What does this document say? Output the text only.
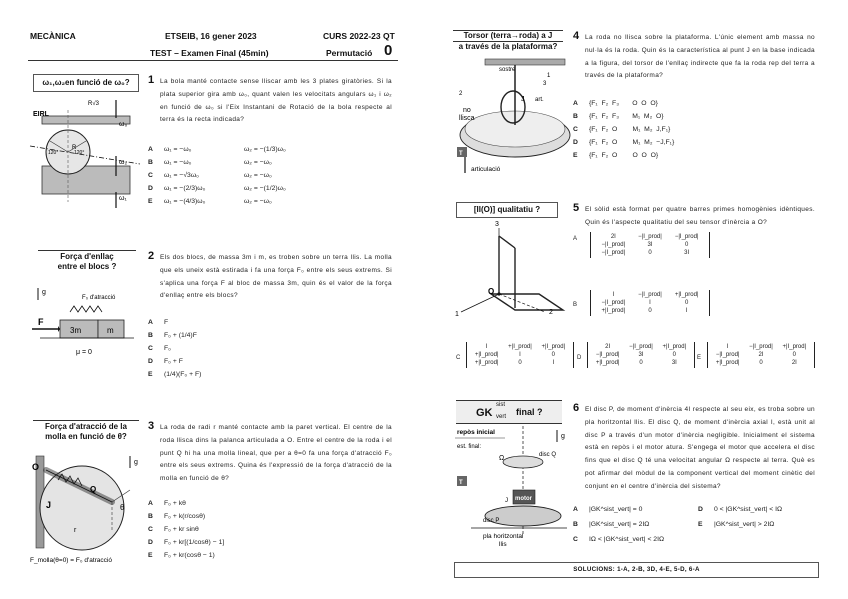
MECÀNICA	ETSEIB, 16 gener 2023	CURS 2022-23 QT
TEST – Examen Final (45min)	Permutació 0
ω₁,ω₂en funció de ω₀?	1 La bola manté contacte sense lliscar amb les 3 plates giratòries. Si la plata superior gira amb ω₀, quant valen les velocitats angulars ω₁ i ω₂ en funció de ω₀ si l'Eix Instantani de Rotació de la bola respecte al terra és la recta indicada?
A	ω₁ = −ω₀	ω₂ = −(1/3)ω₀
B	ω₁ = −ω₀	ω₂ = −ω₀
C	ω₁ = −√3ω₀	ω₂ = −ω₀
D	ω₁ = −(2/3)ω₀	ω₂ = −(1/2)ω₀
E	ω₁ = −(4/3)ω₀	ω₂ = −ω₀
EIRL
R√3
ω₀
ω₂
ω₁
R
120°	120°
Força d'enllaç
entre el blocs ?
2 Els dos blocs, de massa 3m i m, es troben sobre un terra llis. La molla que els uneix està estirada i fa una força F₀ entre els seus extrems. Si s'aplica una força F al bloc de massa 3m, quin és el valor de la força d'enllaç entre els blocs?
A	F
B	F₀ + (1/4)F
C	F₀
D	F₀ + F
E	(1/4)(F₀ + F)
g
F₀ d'atracció
F
3m	m
μ = 0
Força d'atracció de la
molla en funció de θ?
3 La roda de radi r manté contacte amb la paret vertical. El centre de la roda llisca dins la palanca articulada a O. Entre el centre de la roda i el punt Q hi ha una molla lineal, que per a θ=0 fa una força d'atracció F₀ entre els seus extrems. Quina és l'expressió de la força d'atracció de la molla en funció de θ?
A	F₀ + kθ
B	F₀ + k(r/cosθ)
C	F₀ + kr sinθ
D	F₀ + kr[(1/cosθ) − 1]
E	F₀ + kr(cosθ − 1)
O
J
Q
r
θ
g
F_molla(θ=0) = F₀ d'atracció
Torsor (terra→roda) a J
a través de la plataforma?
4 La roda no llisca sobre la plataforma. L'únic element amb massa no nul·la és la roda. Quin és la característica al punt J en la base indicada a la figura, del torsor de l'enllaç indirecte que fa la roda rep del terra a través de la plataforma?
A	{F₁  F₂  F₃       O  O  O}
B	{F₁  F₂  F₃       M₁  M₂  O}
C	{F₁  F₂  O        M₁  M₂  J,F₁}
D	{F₁  F₂  O        M₁  M₂  −J,F₁}
E	{F₁  F₂  O        O  O  O}
sostre
T
no
llisca
art.
articulació
J
1
2
3
[II(O)] qualitatiu ?	5 El sòlid està format per quatre barres primes homogènies idèntiques. Quin és l'aspecte qualitatiu del seu tensor d'inèrcia a O?
O
1	2
3
A	2I	−|I_prod|	−|I_prod|
−|I_prod|	3I	0
−|I_prod|	0	3I
B
I	−|I_prod|	+|I_prod|
−|I_prod|	I	0
+|I_prod|	0	I
C
I	+|I_prod|	+|I_prod|
+|I_prod|	I	0
+|I_prod|	0	I
D
2I	−|I_prod|	+|I_prod|
−|I_prod|	3I	0
+|I_prod|	0	3I
E
I	−|I_prod|	+|I_prod|
−|I_prod|	2I	0
+|I_prod|	0	2I
GK
sist
vert final ?	6 El disc P, de moment d'inèrcia 4I respecte al seu eix, es troba sobre un pla horitzontal llis. El disc Q, de moment d'inèrcia axial I, està unit al disc P a través d'un motor d'inèrcia negligible. Inicialment el sistema està en repòs i el motor atura. S'engega el motor que accelera el disc fins que el disc Q té una velocitat angular Ω respecte al terra. Què es pot afirmar del mòdul de la component vertical del moment cinètic del conjunt en el centre d'inèrcia del sistema?
A	|GK^sist_vert| = 0	D	0 < |GK^sist_vert| < IΩ
B	|GK^sist_vert| = 2IΩ	E	|GK^sist_vert| > 2IΩ
C	IΩ < |GK^sist_vert| < 2IΩ
repòs inicial
est. final:
Ω
g
disc Q
motor
J
disc P
T
pla horitzontal
llis
SOLUCIONS: 1-A, 2-B, 3D, 4-E, 5-D, 6-A
